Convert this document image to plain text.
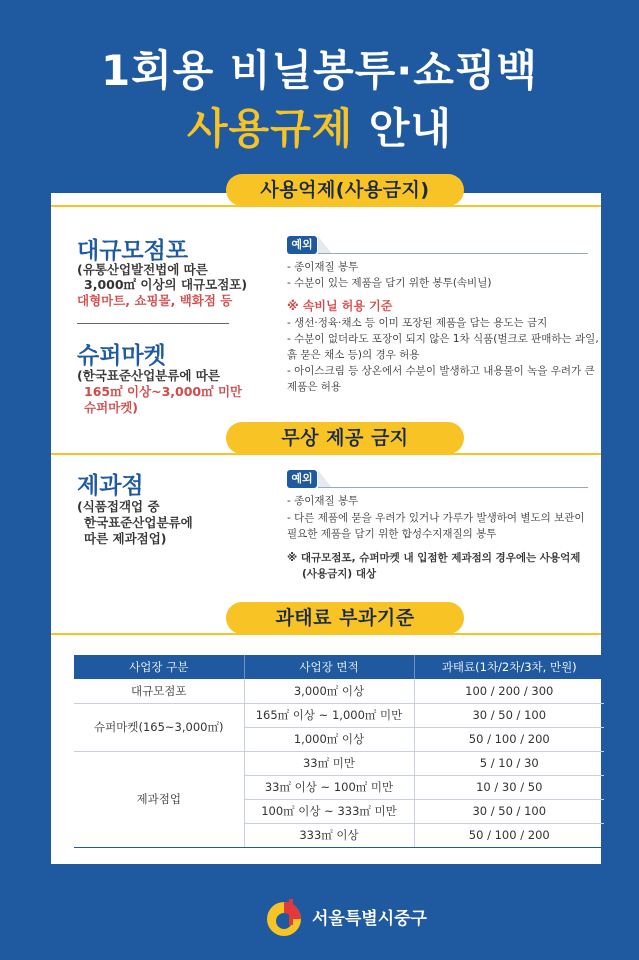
1회용 비닐봉투·쇼핑백
사용규제 안내
사용억제(사용금지)
대규모점포
(유통산업발전법에 따른
3,000㎡ 이상의 대규모점포)
대형마트, 쇼핑몰, 백화점 등
슈퍼마켓
(한국표준산업분류에 따른
165㎡ 이상~3,000㎡ 미만
슈퍼마켓)
예외
- 종이재질 봉투
- 수분이 있는 제품을 담기 위한 봉투(속비닐)
※ 속비닐 허용 기준
- 생선·정육·채소 등 이미 포장된 제품을 담는 용도는 금지
- 수분이 없더라도 포장이 되지 않은 1차 식품(벌크로 판매하는 과일,
흙 묻은 채소 등)의 경우 허용
- 아이스크림 등 상온에서 수분이 발생하고 내용물이 녹을 우려가 큰
제품은 허용
무상 제공 금지
제과점
(식품접객업 중
한국표준산업분류에
따른 제과점업)
예외
- 종이재질 봉투
- 다른 제품에 묻을 우려가 있거나 가루가 발생하여 별도의 보관이
필요한 제품을 담기 위한 합성수지재질의 봉투
※ 대규모점포, 슈퍼마켓 내 입점한 제과점의 경우에는 사용억제
(사용금지) 대상
과태료 부과기준
사업장 구분	사업장 면적	과태료(1차/2차/3차, 만원)
대규모점포	3,000㎡ 이상	100 / 200 / 300
슈퍼마켓(165~3,000㎡)	165㎡ 이상 ~ 1,000㎡ 미만	30 / 50 / 100
	1,000㎡ 이상	50 / 100 / 200
제과점업	33㎡ 미만	5 / 10 / 30
	33㎡ 이상 ~ 100㎡ 미만	10 / 30 / 50
	100㎡ 이상 ~ 333㎡ 미만	30 / 50 / 100
	333㎡ 이상	50 / 100 / 200
서울특별시중구
